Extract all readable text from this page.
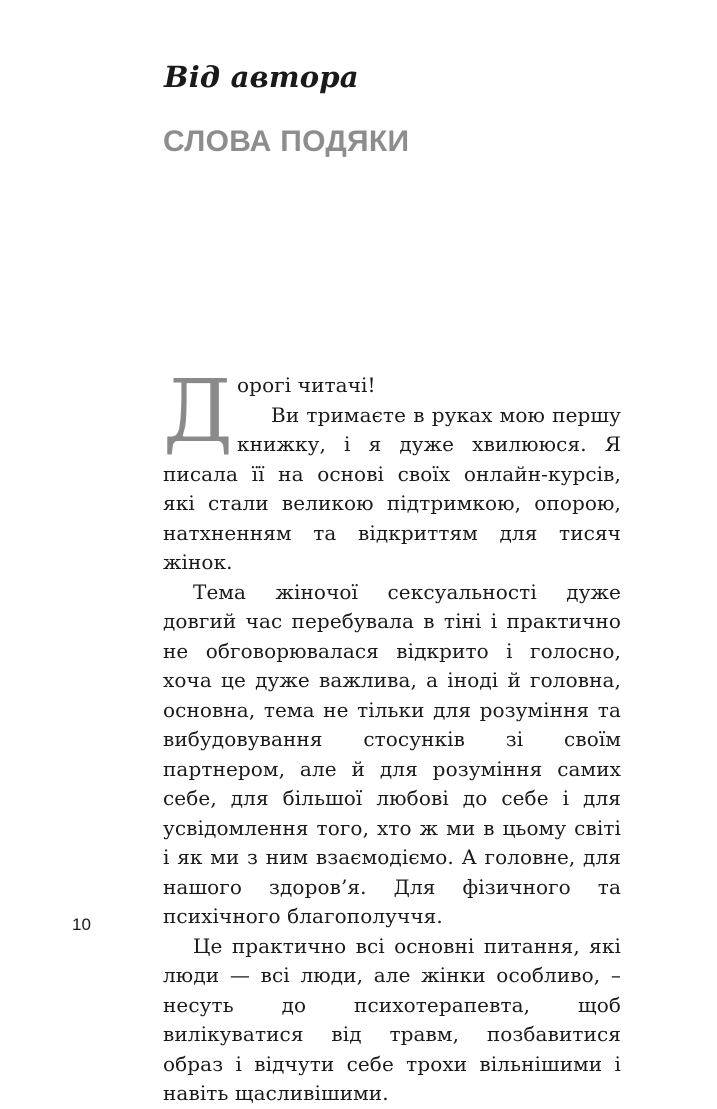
Від автора
СЛОВА ПОДЯКИ
Д орогі читачі!

Ви тримаєте в руках мою першу книжку, і я дуже хвилююся. Я писала її на основі своїх онлайн-курсів, які стали великою підтримкою, опорою, натхненням та відкриттям для тисяч жінок.

Тема жіночої сексуальності дуже довгий час перебувала в тіні і практично не обговорювалася відкрито і голосно, хоча це дуже важлива, а іноді й головна, основна, тема не тільки для розуміння та вибудовування стосунків зі своїм партнером, але й для розуміння самих себе, для більшої любові до себе і для усвідомлення того, хто ж ми в цьому світі і як ми з ним взаємодіємо. А головне, для нашого здоров’я. Для фізичного та психічного благополуччя.

Це практично всі основні питання, які люди — всі люди, але жінки особливо, – несуть до психотерапевта, щоб вилікуватися від травм, позбавитися образ і відчути себе трохи вільнішими і навіть щасливішими.

10
